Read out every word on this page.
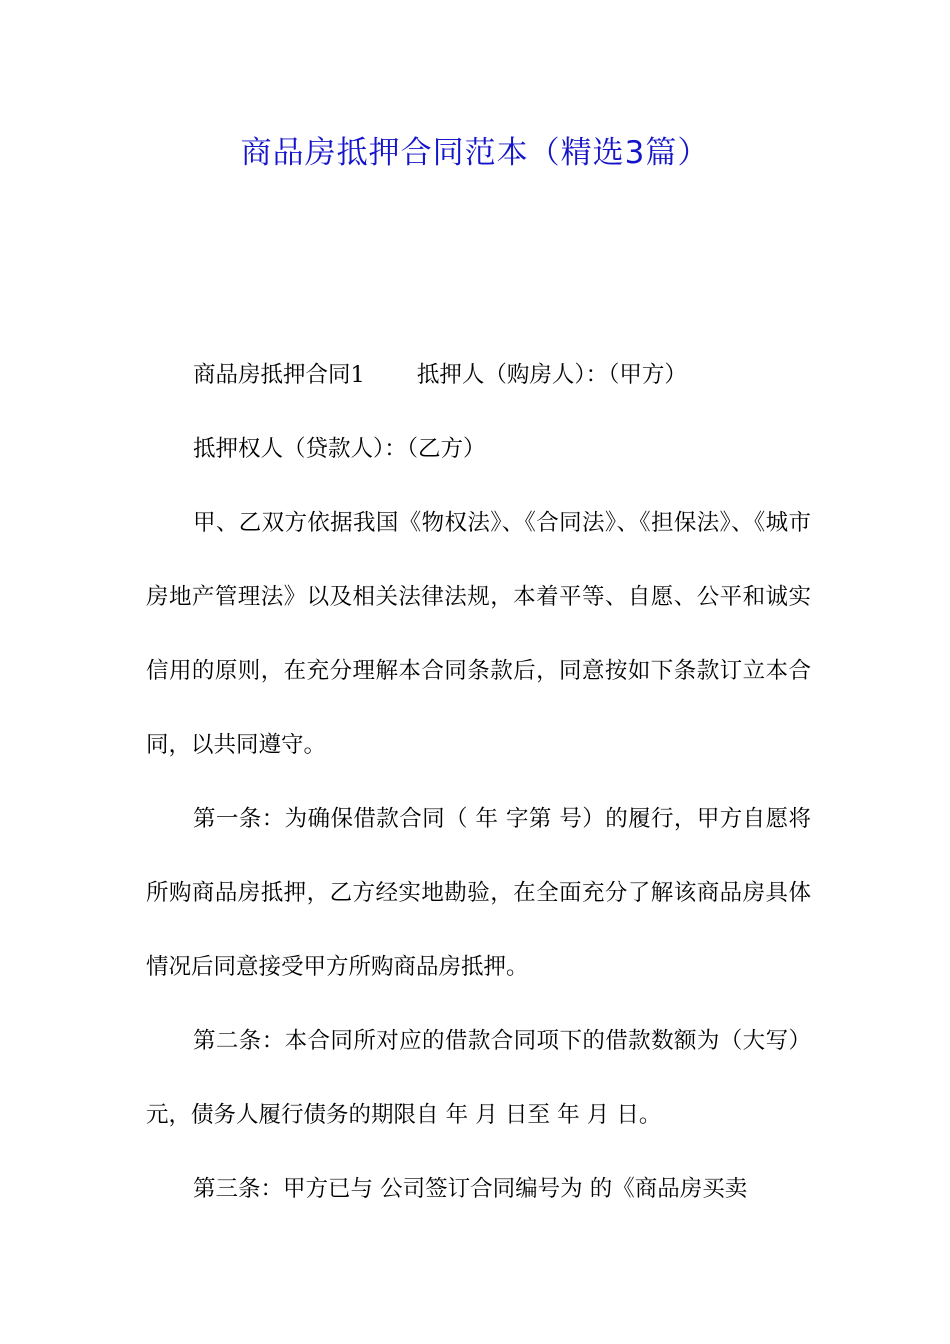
商品房抵押合同范本（精选3篇）

商品房抵押合同1 抵押人（购房人）：（甲方）

抵押权人（贷款人）：（乙方）

甲、乙双方依据我国《物权法》、《合同法》、《担保法》、《城市房地产管理法》以及相关法律法规，本着平等、自愿、公平和诚实信用的原则，在充分理解本合同条款后，同意按如下条款订立本合同，以共同遵守。

第一条：为确保借款合同（ 年 字第 号）的履行，甲方自愿将所购商品房抵押，乙方经实地勘验，在全面充分了解该商品房具体情况后同意接受甲方所购商品房抵押。

第二条：本合同所对应的借款合同项下的借款数额为（大写） 元，债务人履行债务的期限自 年 月 日至 年 月 日。

第三条：甲方已与 公司签订合同编号为 的《商品房买卖
